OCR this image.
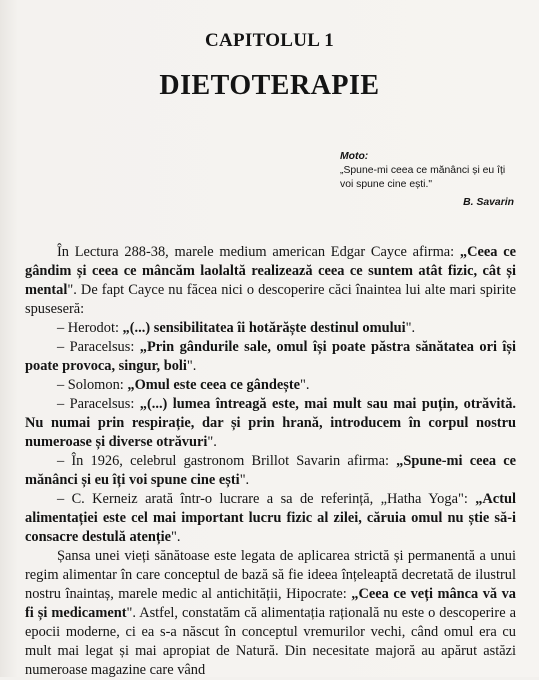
CAPITOLUL 1
DIETOTERAPIE
Moto:
„Spune-mi ceea ce mănânci și eu îți voi spune cine ești."
B. Savarin

În Lectura 288-38, marele medium american Edgar Cayce afirma: „Ceea ce gândim și ceea ce mâncăm laolaltă realizează ceea ce suntem atât fizic, cât și mental". De fapt Cayce nu făcea nici o descoperire căci înaintea lui alte mari spirite spuseseră:

– Herodot: „(...) sensibilitatea îi hotărăște destinul omului".

– Paracelsus: „Prin gândurile sale, omul își poate păstra sănătatea ori își poate provoca, singur, boli".

– Solomon: „Omul este ceea ce gândește".

– Paracelsus: „(...) lumea întreagă este, mai mult sau mai puțin, otrăvită. Nu numai prin respirație, dar și prin hrană, introducem în corpul nostru numeroase și diverse otrăvuri".

– În 1926, celebrul gastronom Brillot Savarin afirma: „Spune-mi ceea ce mănânci și eu îți voi spune cine ești".

– C. Kerneiz arată într-o lucrare a sa de referință, „Hatha Yoga": „Actul alimentației este cel mai important lucru fizic al zilei, căruia omul nu știe să-i consacre destulă atenție".

Șansa unei vieți sănătoase este legata de aplicarea strictă și permanentă a unui regim alimentar în care conceptul de bază să fie ideea înțeleaptă decretată de ilustrul nostru înaintaș, marele medic al antichității, Hipocrate: „Ceea ce veți mânca vă va fi și medicament". Astfel, constatăm că alimentația rațională nu este o descoperire a epocii moderne, ci ea s-a născut în conceptul vremurilor vechi, când omul era cu mult mai legat și mai apropiat de Natură. Din necesitate majoră au apărut astăzi numeroase magazine care vând
